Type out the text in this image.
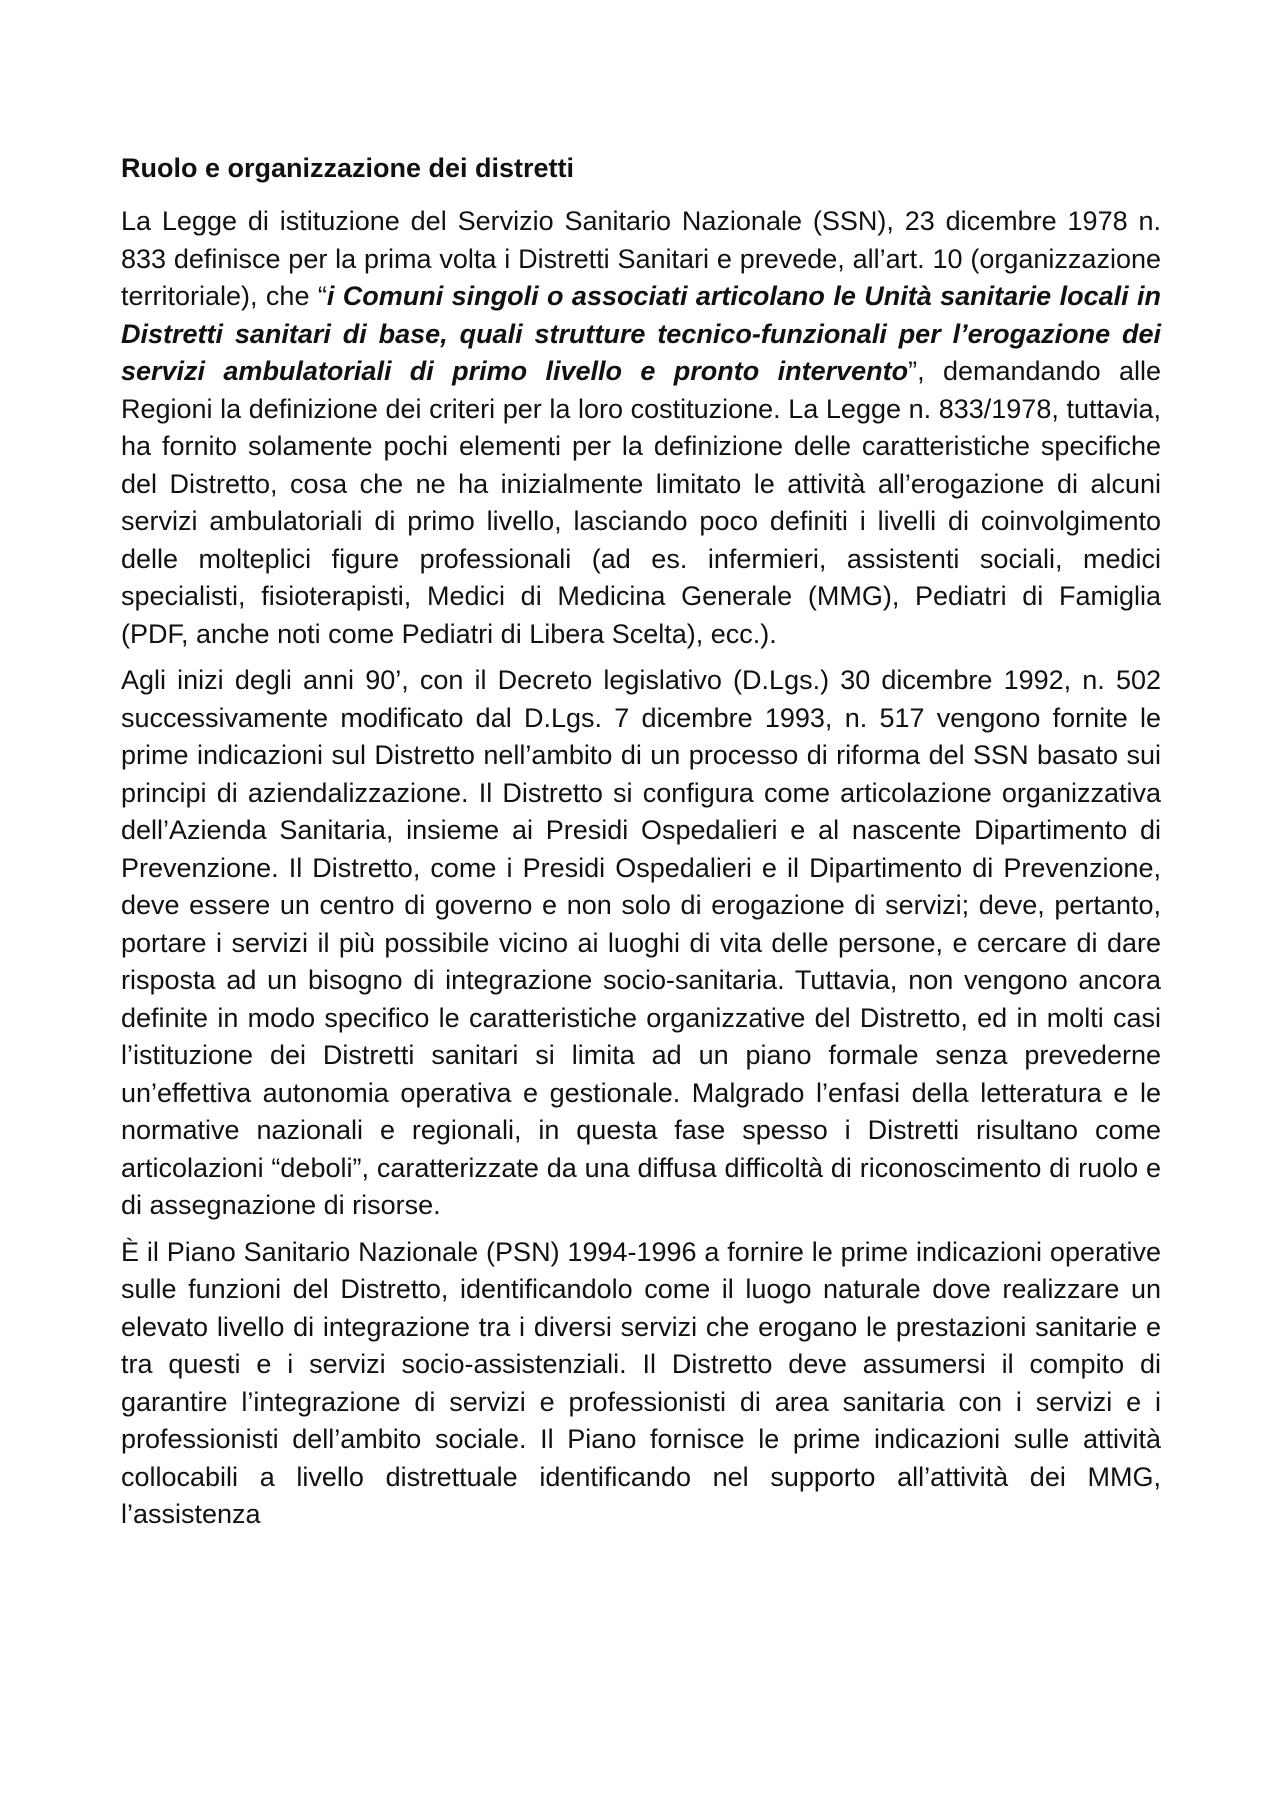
Ruolo e organizzazione dei distretti

La Legge di istituzione del Servizio Sanitario Nazionale (SSN), 23 dicembre 1978 n. 833 definisce per la prima volta i Distretti Sanitari e prevede, all’art. 10 (organizzazione territoriale), che “i Comuni singoli o associati articolano le Unità sanitarie locali in Distretti sanitari di base, quali strutture tecnico-funzionali per l’erogazione dei servizi ambulatoriali di primo livello e pronto intervento”, demandando alle Regioni la definizione dei criteri per la loro costituzione. La Legge n. 833/1978, tuttavia, ha fornito solamente pochi elementi per la definizione delle caratteristiche specifiche del Distretto, cosa che ne ha inizialmente limitato le attività all’erogazione di alcuni servizi ambulatoriali di primo livello, lasciando poco definiti i livelli di coinvolgimento delle molteplici figure professionali (ad es. infermieri, assistenti sociali, medici specialisti, fisioterapisti, Medici di Medicina Generale (MMG), Pediatri di Famiglia (PDF, anche noti come Pediatri di Libera Scelta), ecc.).

Agli inizi degli anni 90’, con il Decreto legislativo (D.Lgs.) 30 dicembre 1992, n. 502 successivamente modificato dal D.Lgs. 7 dicembre 1993, n. 517 vengono fornite le prime indicazioni sul Distretto nell’ambito di un processo di riforma del SSN basato sui principi di aziendalizzazione. Il Distretto si configura come articolazione organizzativa dell’Azienda Sanitaria, insieme ai Presidi Ospedalieri e al nascente Dipartimento di Prevenzione. Il Distretto, come i Presidi Ospedalieri e il Dipartimento di Prevenzione, deve essere un centro di governo e non solo di erogazione di servizi; deve, pertanto, portare i servizi il più possibile vicino ai luoghi di vita delle persone, e cercare di dare risposta ad un bisogno di integrazione socio-sanitaria. Tuttavia, non vengono ancora definite in modo specifico le caratteristiche organizzative del Distretto, ed in molti casi l’istituzione dei Distretti sanitari si limita ad un piano formale senza prevederne un’effettiva autonomia operativa e gestionale. Malgrado l’enfasi della letteratura e le normative nazionali e regionali, in questa fase spesso i Distretti risultano come articolazioni “deboli”, caratterizzate da una diffusa difficoltà di riconoscimento di ruolo e di assegnazione di risorse.

È il Piano Sanitario Nazionale (PSN) 1994-1996 a fornire le prime indicazioni operative sulle funzioni del Distretto, identificandolo come il luogo naturale dove realizzare un elevato livello di integrazione tra i diversi servizi che erogano le prestazioni sanitarie e tra questi e i servizi socio-assistenziali. Il Distretto deve assumersi il compito di garantire l’integrazione di servizi e professionisti di area sanitaria con i servizi e i professionisti dell’ambito sociale. Il Piano fornisce le prime indicazioni sulle attività collocabili a livello distrettuale identificando nel supporto all’attività dei MMG, l’assistenza
